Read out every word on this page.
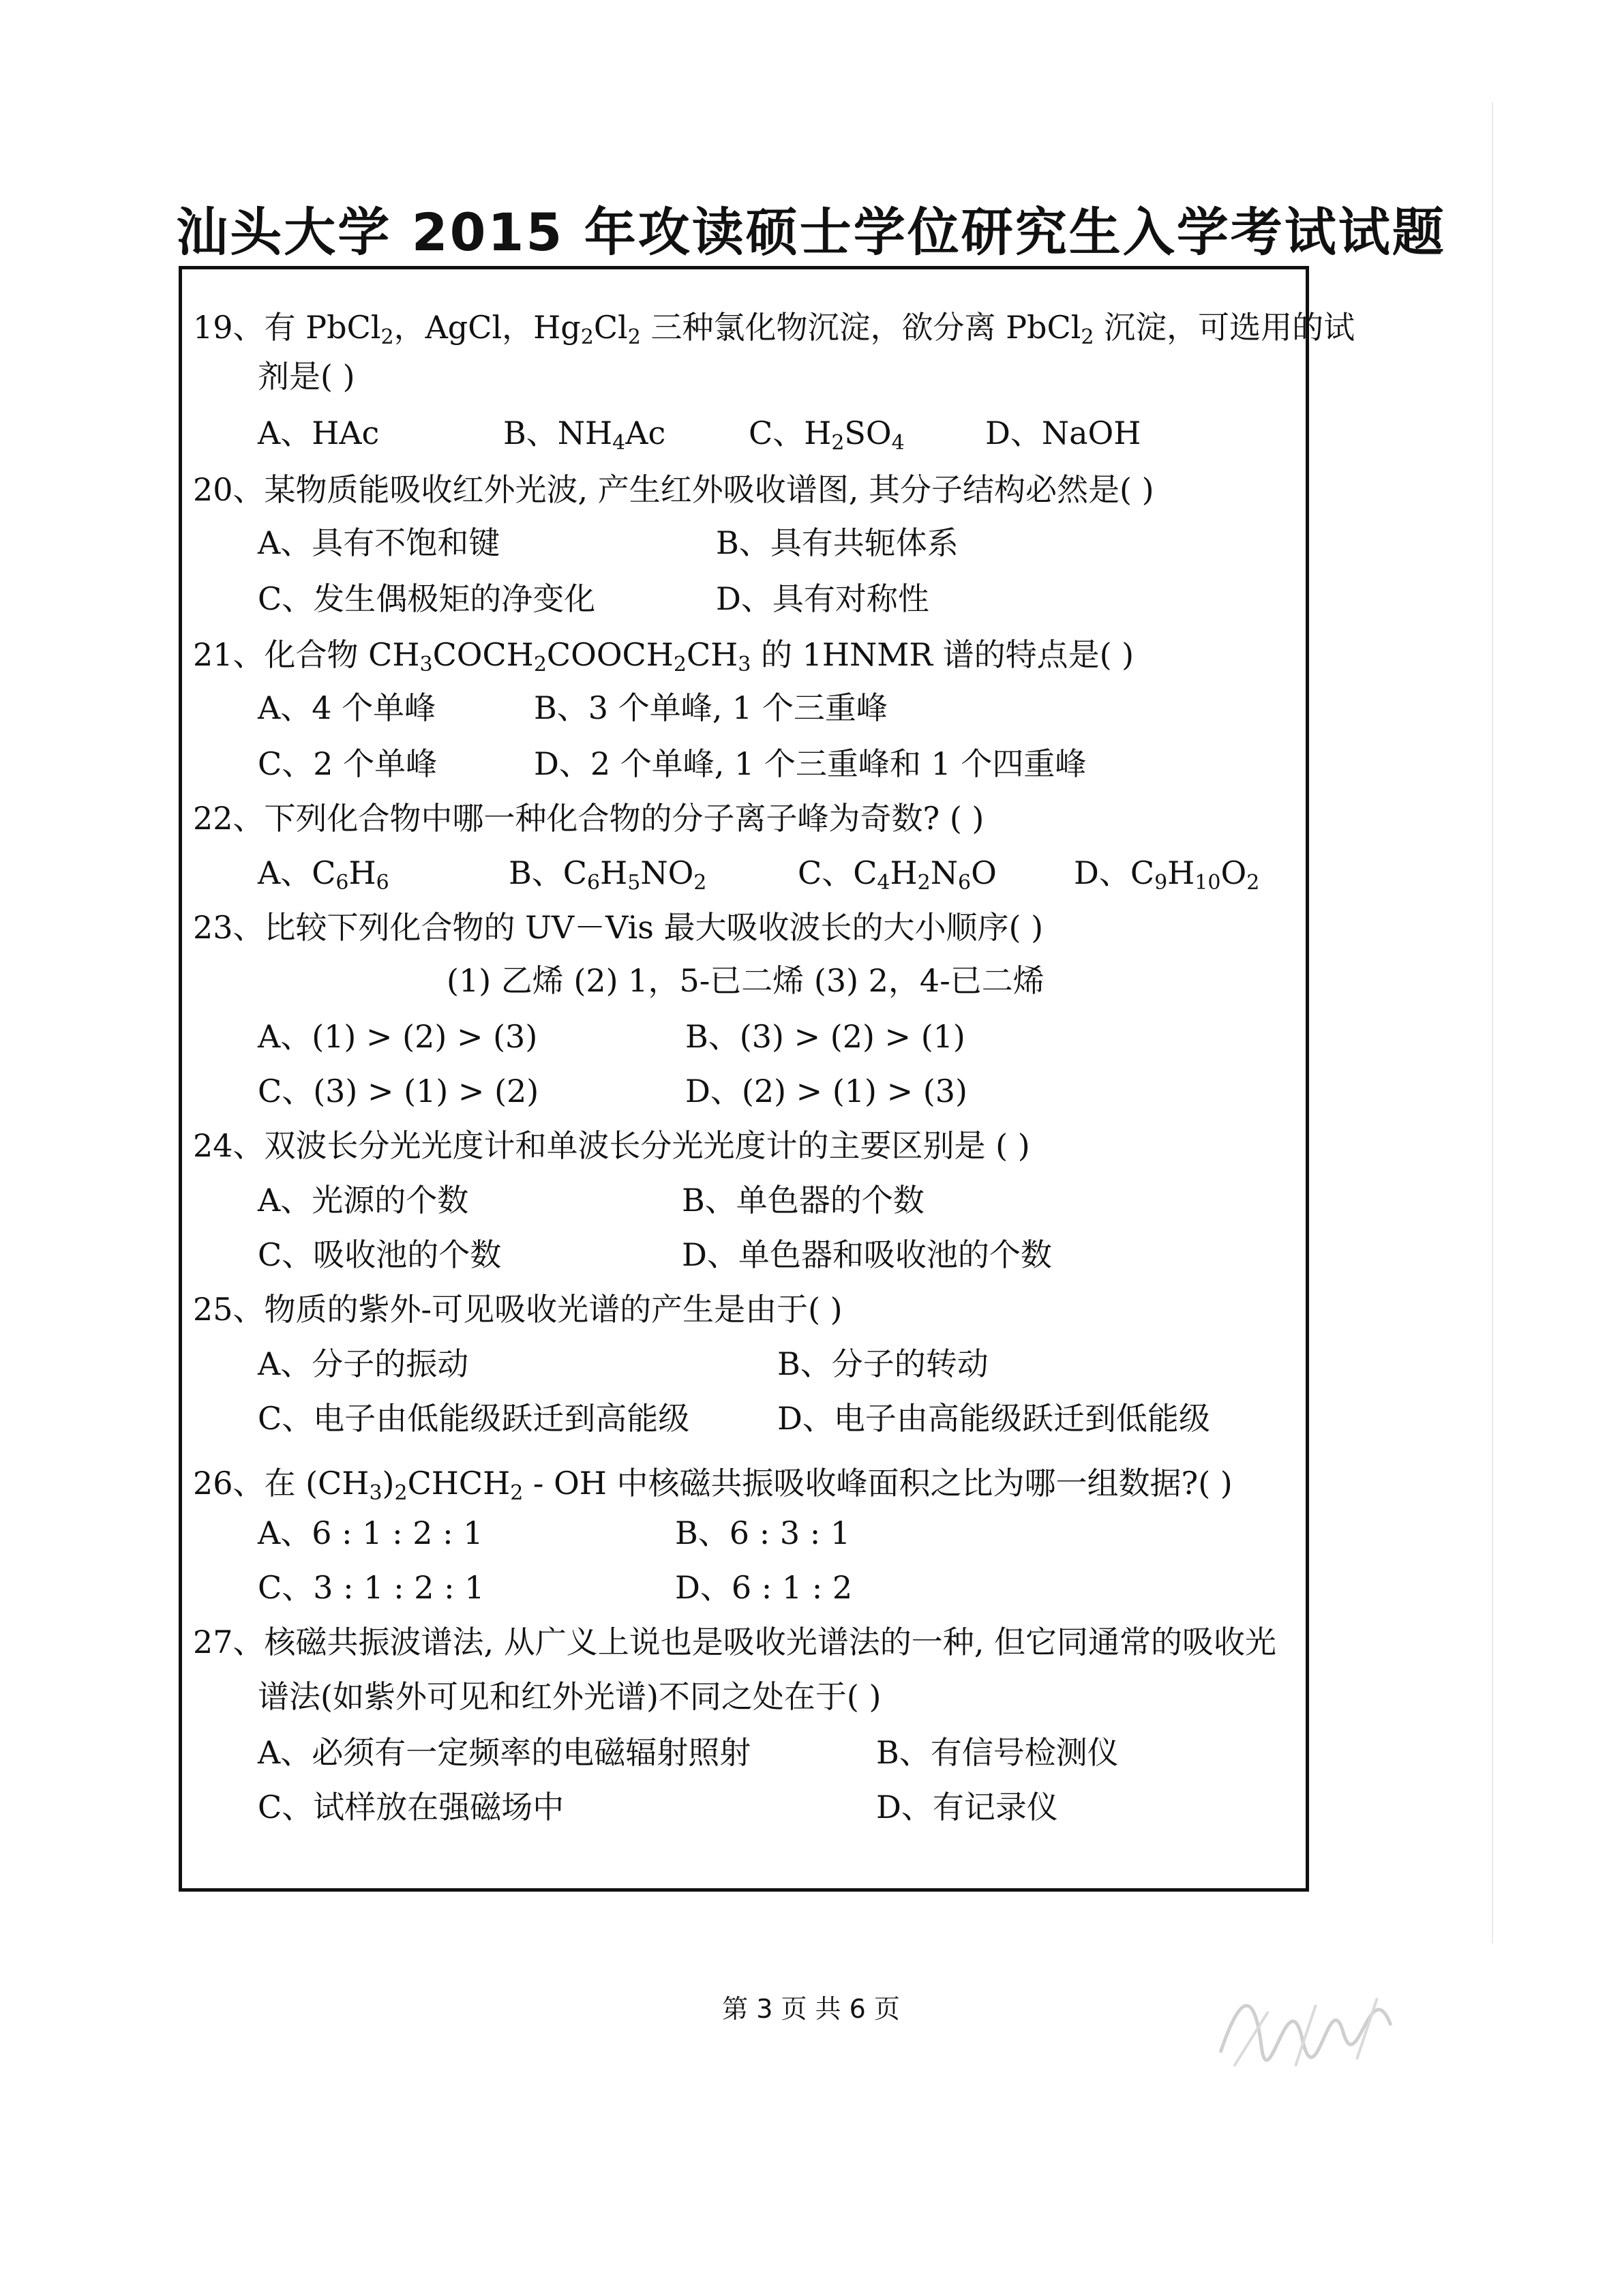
汕头大学 2015 年攻读硕士学位研究生入学考试试题
19、有 PbCl$_2$，AgCl，$Hg_2Cl_2$ 三种氯化物沉淀，欲分离 PbCl$_2$ 沉淀，可选用的试
剂是( )
A、HAc	B、$NH_4Ac$	C、$H_2SO_4$	D、NaOH
20、某物质能吸收红外光波, 产生红外吸收谱图, 其分子结构必然是( )
A、具有不饱和键	B、具有共轭体系
C、发生偶极矩的净变化	D、具有对称性
21、化合物 $CH_3COCH_2COOCH_2CH_3$ 的 1HNMR 谱的特点是( )
A、4 个单峰	B、3 个单峰, 1 个三重峰
C、2 个单峰	D、2 个单峰, 1 个三重峰和 1 个四重峰
22、下列化合物中哪一种化合物的分子离子峰为奇数? ( )
A、$C_6H_6$	B、$C_6H_5NO_2$	C、$C_4H_2N_6O$ D、$C_9H_{10}O_2$
23、比较下列化合物的 UV－Vis 最大吸收波长的大小顺序( )
(1) 乙烯 (2) 1，5-已二烯 (3) 2，4-已二烯
A、(1) > (2) > (3)	B、(3) > (2) > (1)
C、(3) > (1) > (2)	D、(2) > (1) > (3)
24、双波长分光光度计和单波长分光光度计的主要区别是 ( )
A、光源的个数	B、单色器的个数
C、吸收池的个数	D、单色器和吸收池的个数
25、物质的紫外-可见吸收光谱的产生是由于( )
A、分子的振动	B、分子的转动
C、电子由低能级跃迁到高能级	D、电子由高能级跃迁到低能级
26、在 $(CH_3)_2CHCH_2$ - OH 中核磁共振吸收峰面积之比为哪一组数据?( )
A、6 : 1 : 2 : 1	B、6 : 3 : 1
C、3 : 1 : 2 : 1	D、6 : 1 : 2
27、核磁共振波谱法, 从广义上说也是吸收光谱法的一种, 但它同通常的吸收光
谱法(如紫外可见和红外光谱)不同之处在于( )
A、必须有一定频率的电磁辐射照射	B、有信号检测仪
C、试样放在强磁场中	D、有记录仪
第 3 页 共 6 页
